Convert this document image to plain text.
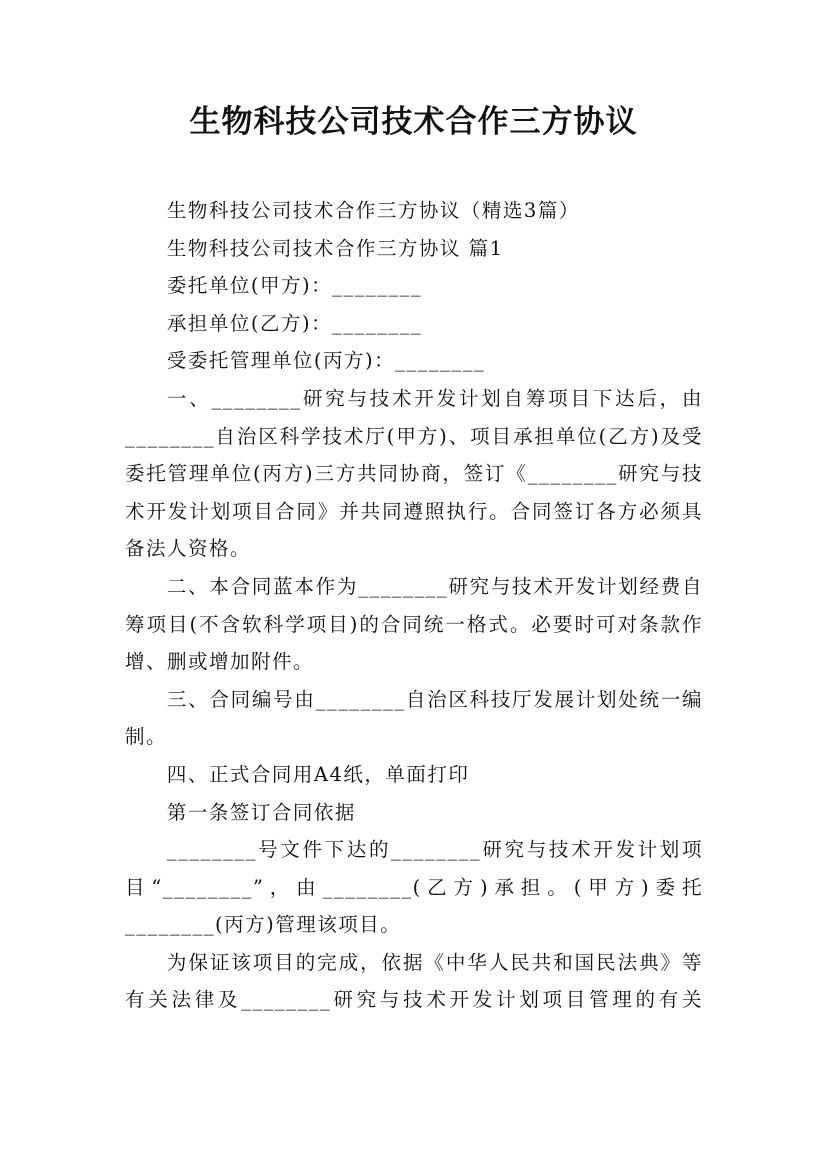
生物科技公司技术合作三方协议

生物科技公司技术合作三方协议（精选3篇）

生物科技公司技术合作三方协议 篇1

委托单位(甲方)：________

承担单位(乙方)：________

受委托管理单位(丙方)：________

一、________研究与技术开发计划自筹项目下达后，由________自治区科学技术厅(甲方)、项目承担单位(乙方)及受委托管理单位(丙方)三方共同协商，签订《________研究与技术开发计划项目合同》并共同遵照执行。合同签订各方必须具备法人资格。

二、本合同蓝本作为________研究与技术开发计划经费自筹项目(不含软科学项目)的合同统一格式。必要时可对条款作增、删或增加附件。

三、合同编号由________自治区科技厅发展计划处统一编制。

四、正式合同用A4纸，单面打印

第一条签订合同依据

________号文件下达的________研究与技术开发计划项目“________”，由________(乙方)承担。(甲方)委托________(丙方)管理该项目。

为保证该项目的完成，依据《中华人民共和国民法典》等有关法律及________研究与技术开发计划项目管理的有关
